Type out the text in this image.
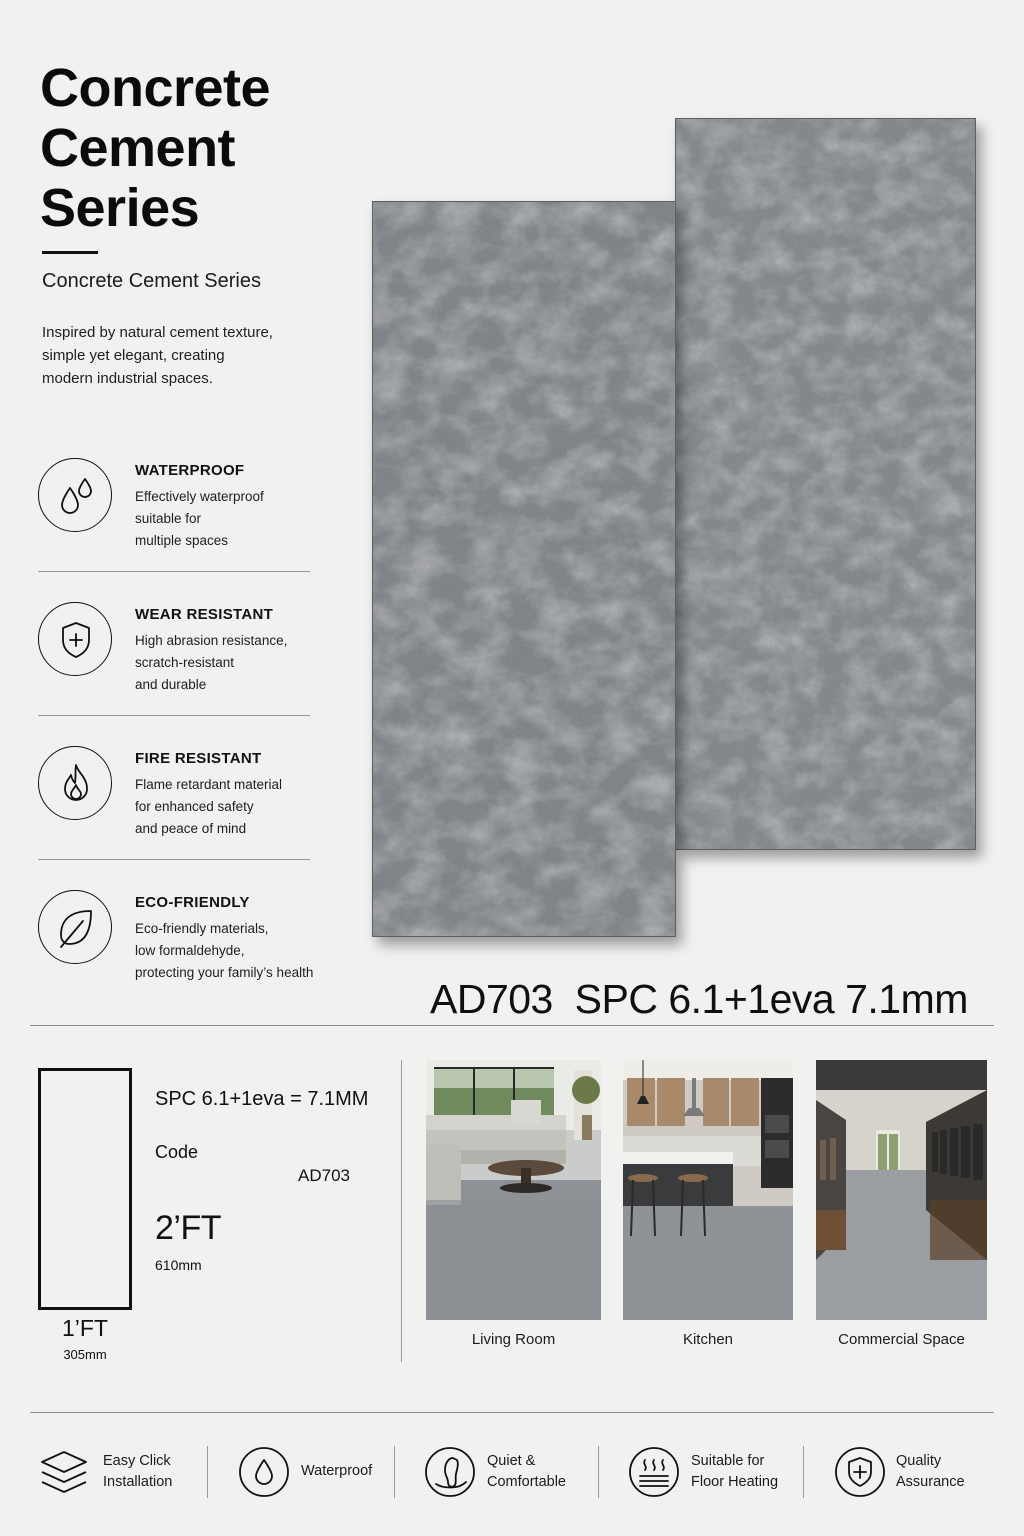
Concrete
Cement
Series
Concrete Cement Series
Inspired by natural cement texture,
simple yet elegant, creating
modern industrial spaces.
WATERPROOF
Effectively waterproof
suitable for
multiple spaces
WEAR RESISTANT
High abrasion resistance,
scratch-resistant
and durable
FIRE RESISTANT
Flame retardant material
for enhanced safety
and peace of mind
ECO-FRIENDLY
Eco-friendly materials,
low formaldehyde,
protecting your family’s health
AD703  SPC 6.1+1eva 7.1mm
1’FT
305mm
SPC 6.1+1eva = 7.1MM
Code
AD703
2’FT
610mm
Living Room	Kitchen	Commercial Space
Easy Click
Installation
Waterproof
Quiet &
Comfortable
Suitable for
Floor Heating
Quality
Assurance
